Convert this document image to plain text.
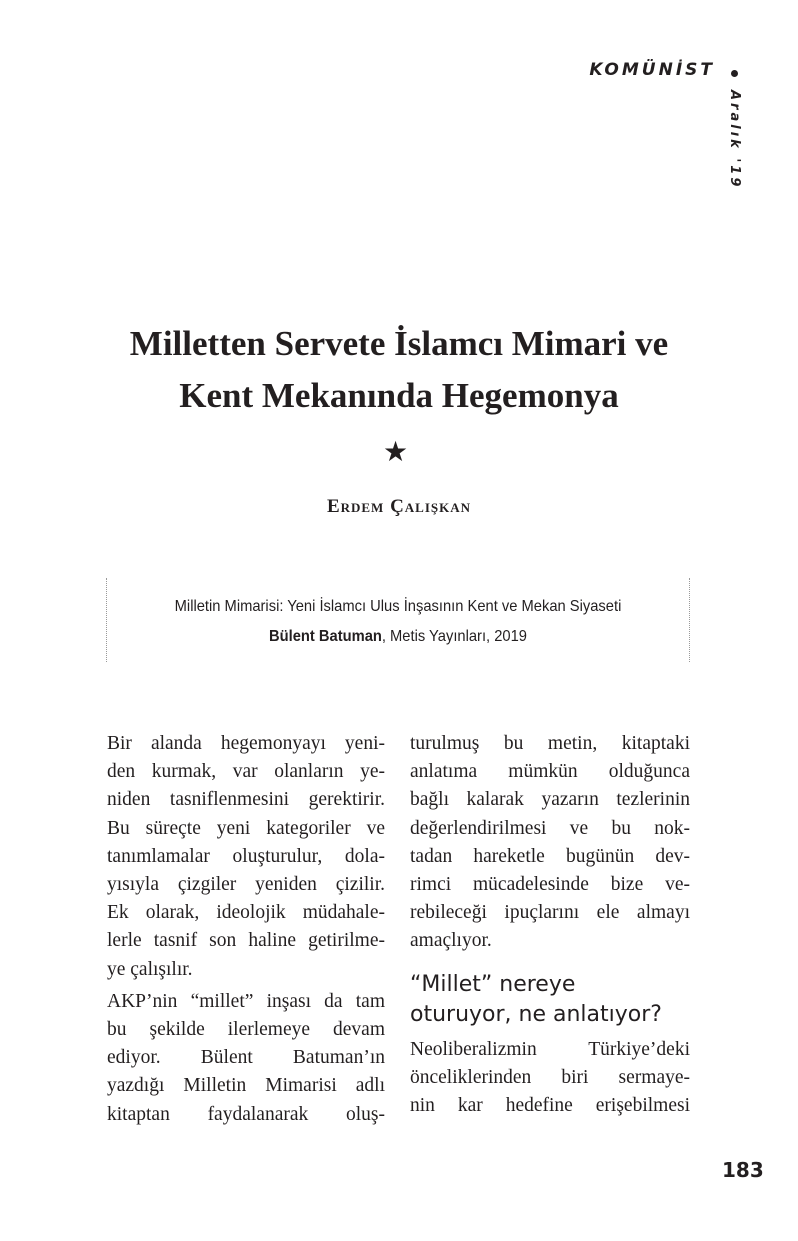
KOMÜNİST
Aralık '19
Milletten Servete İslamcı Mimari ve
Kent Mekanında Hegemonya
★
Erdem Çalışkan
Milletin Mimarisi: Yeni İslamcı Ulus İnşasının Kent ve Mekan Siyaseti
Bülent Batuman, Metis Yayınları, 2019
Bir alanda hegemonyayı yeni-
den kurmak, var olanların ye-
niden tasniflenmesini gerektirir.
Bu süreçte yeni kategoriler ve
tanımlamalar oluşturulur, dola-
yısıyla çizgiler yeniden çizilir.
Ek olarak, ideolojik müdahale-
lerle tasnif son haline getirilme-
ye çalışılır.
AKP’nin “millet” inşası da tam
bu şekilde ilerlemeye devam
ediyor. Bülent Batuman’ın
yazdığı Milletin Mimarisi adlı
kitaptan faydalanarak oluş-
turulmuş bu metin, kitaptaki
anlatıma mümkün olduğunca
bağlı kalarak yazarın tezlerinin
değerlendirilmesi ve bu nok-
tadan hareketle bugünün dev-
rimci mücadelesinde bize ve-
rebileceği ipuçlarını ele almayı
amaçlıyor.
“Millet” nereye
oturuyor, ne anlatıyor?
Neoliberalizmin Türkiye’deki
önceliklerinden biri sermaye-
nin kar hedefine erişebilmesi
183
